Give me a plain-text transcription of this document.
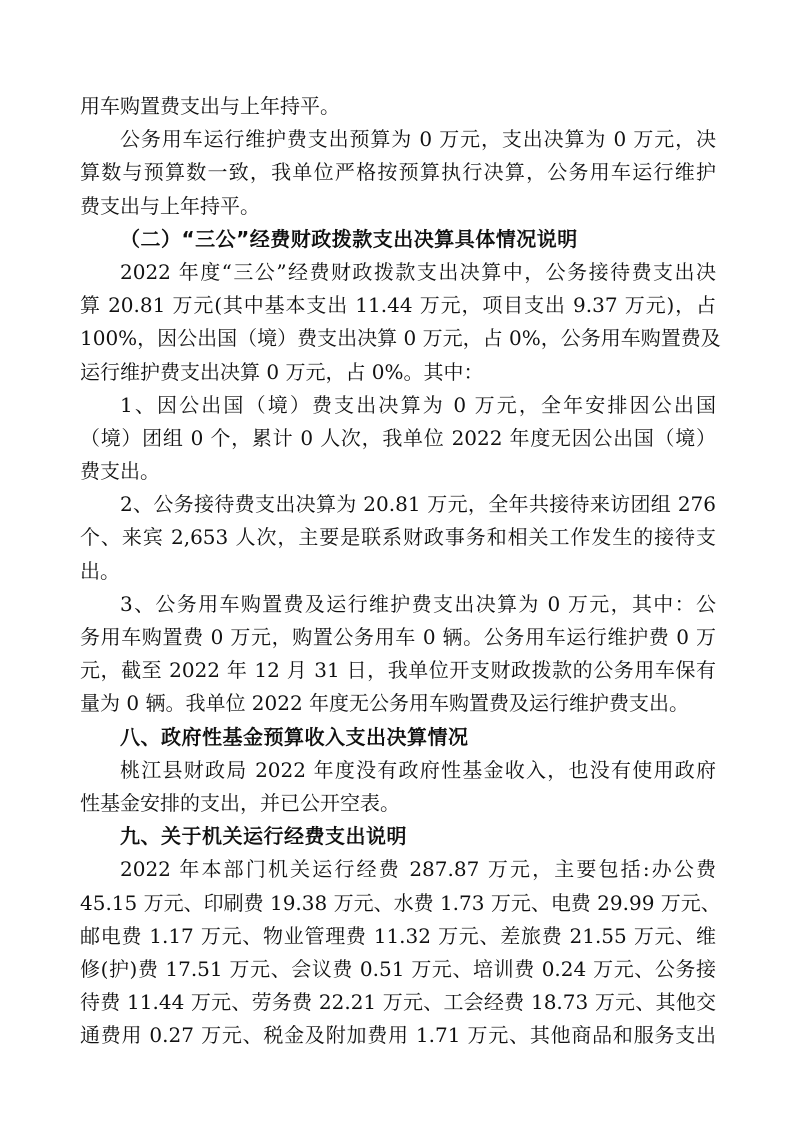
用车购置费支出与上年持平。
公务用车运行维护费支出预算为 0 万元，支出决算为 0 万元，决
算数与预算数一致，我单位严格按预算执行决算，公务用车运行维护
费支出与上年持平。
（二）“三公”经费财政拨款支出决算具体情况说明
2022 年度“三公”经费财政拨款支出决算中，公务接待费支出决
算 20.81 万元(其中基本支出 11.44 万元，项目支出 9.37 万元)，占
100%，因公出国（境）费支出决算 0 万元，占 0%，公务用车购置费及
运行维护费支出决算 0 万元，占 0%。其中：
1、因公出国（境）费支出决算为 0 万元，全年安排因公出国
（境）团组 0 个，累计 0 人次，我单位 2022 年度无因公出国（境）
费支出。
2、公务接待费支出决算为 20.81 万元，全年共接待来访团组 276
个、来宾 2,653 人次，主要是联系财政事务和相关工作发生的接待支
出。
3、公务用车购置费及运行维护费支出决算为 0 万元，其中：公
务用车购置费 0 万元，购置公务用车 0 辆。公务用车运行维护费 0 万
元，截至 2022 年 12 月 31 日，我单位开支财政拨款的公务用车保有
量为 0 辆。我单位 2022 年度无公务用车购置费及运行维护费支出。
八、政府性基金预算收入支出决算情况
桃江县财政局 2022 年度没有政府性基金收入，也没有使用政府
性基金安排的支出，并已公开空表。
九、关于机关运行经费支出说明
2022 年本部门机关运行经费 287.87 万元，主要包括:办公费
45.15 万元、印刷费 19.38 万元、水费 1.73 万元、电费 29.99 万元、
邮电费 1.17 万元、物业管理费 11.32 万元、差旅费 21.55 万元、维
修(护)费 17.51 万元、会议费 0.51 万元、培训费 0.24 万元、公务接
待费 11.44 万元、劳务费 22.21 万元、工会经费 18.73 万元、其他交
通费用 0.27 万元、税金及附加费用 1.71 万元、其他商品和服务支出
